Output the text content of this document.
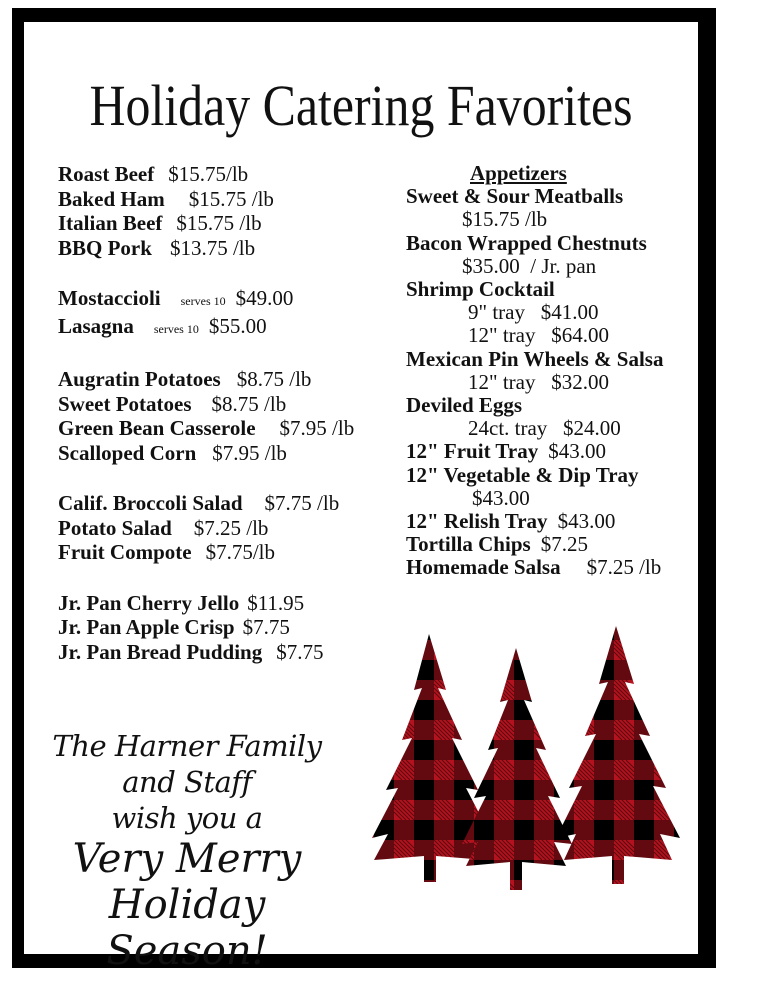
Holiday Catering Favorites
Roast Beef $15.75/lb
Baked Ham $15.75 /lb
Italian Beef $15.75 /lb
BBQ Pork $13.75 /lb
Mostaccioli serves 10 $49.00
Lasagna serves 10 $55.00
Augratin Potatoes $8.75 /lb
Sweet Potatoes $8.75 /lb
Green Bean Casserole $7.95 /lb
Scalloped Corn $7.95 /lb
Calif. Broccoli Salad $7.75 /lb
Potato Salad $7.25 /lb
Fruit Compote $7.75/lb
Jr. Pan Cherry Jello $11.95
Jr. Pan Apple Crisp $7.75
Jr. Pan Bread Pudding $7.75
Appetizers
Sweet & Sour Meatballs
$15.75 /lb
Bacon Wrapped Chestnuts
$35.00  / Jr. pan
Shrimp Cocktail
9" tray   $41.00
12" tray   $64.00
Mexican Pin Wheels & Salsa
12" tray   $32.00
Deviled Eggs
24ct. tray   $24.00
12" Fruit Tray $43.00
12" Vegetable & Dip Tray
$43.00
12" Relish Tray $43.00
Tortilla Chips $7.25
Homemade Salsa $7.25 /lb
The Harner Family
and Staff
wish you a
Very Merry
Holiday Season!
